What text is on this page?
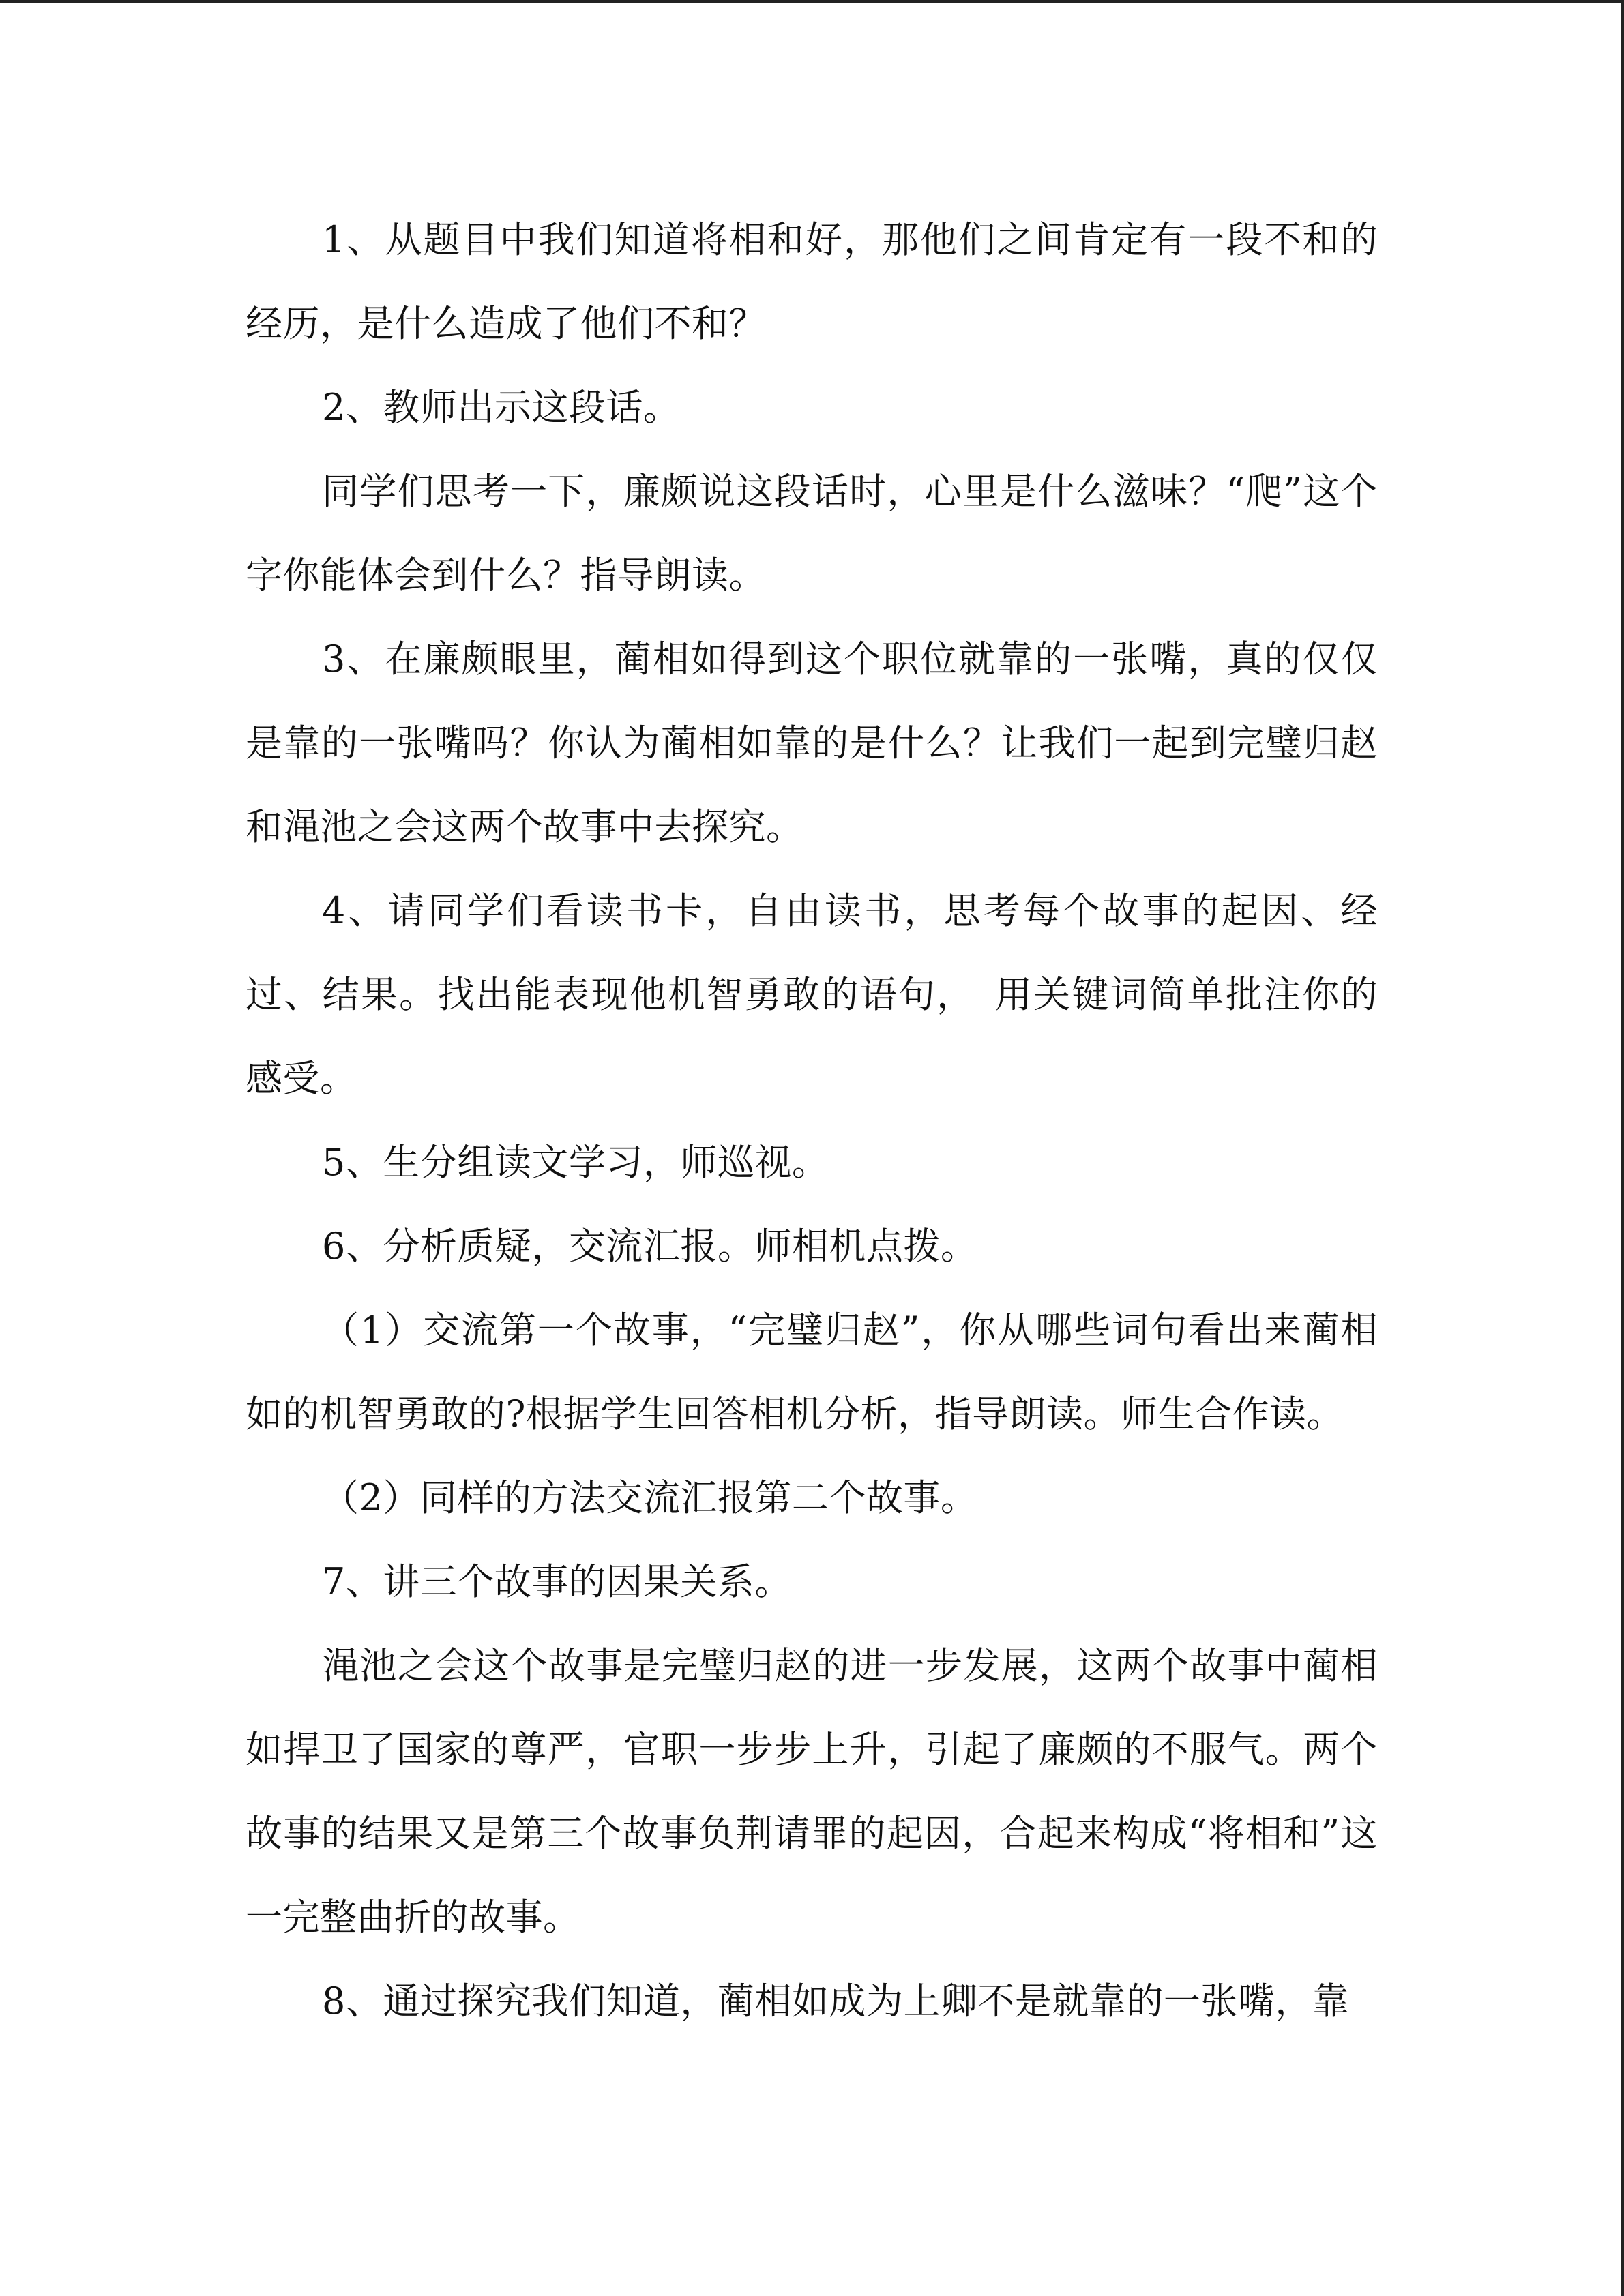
1、从题目中我们知道将相和好，那他们之间肯定有一段不和的经历，是什么造成了他们不和？

2、教师出示这段话。

同学们思考一下，廉颇说这段话时，心里是什么滋味？“爬”这个字你能体会到什么？指导朗读。

3、在廉颇眼里，蔺相如得到这个职位就靠的一张嘴，真的仅仅是靠的一张嘴吗？你认为蔺相如靠的是什么？让我们一起到完璧归赵和渑池之会这两个故事中去探究。

4、请同学们看读书卡，自由读书，思考每个故事的起因、经过、结果。找出能表现他机智勇敢的语句，　用关键词简单批注你的感受。

5、生分组读文学习，师巡视。

6、分析质疑，交流汇报。师相机点拨。

（1）交流第一个故事，“完璧归赵”，你从哪些词句看出来蔺相如的机智勇敢的?根据学生回答相机分析，指导朗读。师生合作读。

（2）同样的方法交流汇报第二个故事。

7、讲三个故事的因果关系。

渑池之会这个故事是完璧归赵的进一步发展，这两个故事中蔺相如捍卫了国家的尊严，官职一步步上升，引起了廉颇的不服气。两个故事的结果又是第三个故事负荆请罪的起因，合起来构成“将相和”这一完整曲折的故事。

8、通过探究我们知道，蔺相如成为上卿不是就靠的一张嘴，靠
